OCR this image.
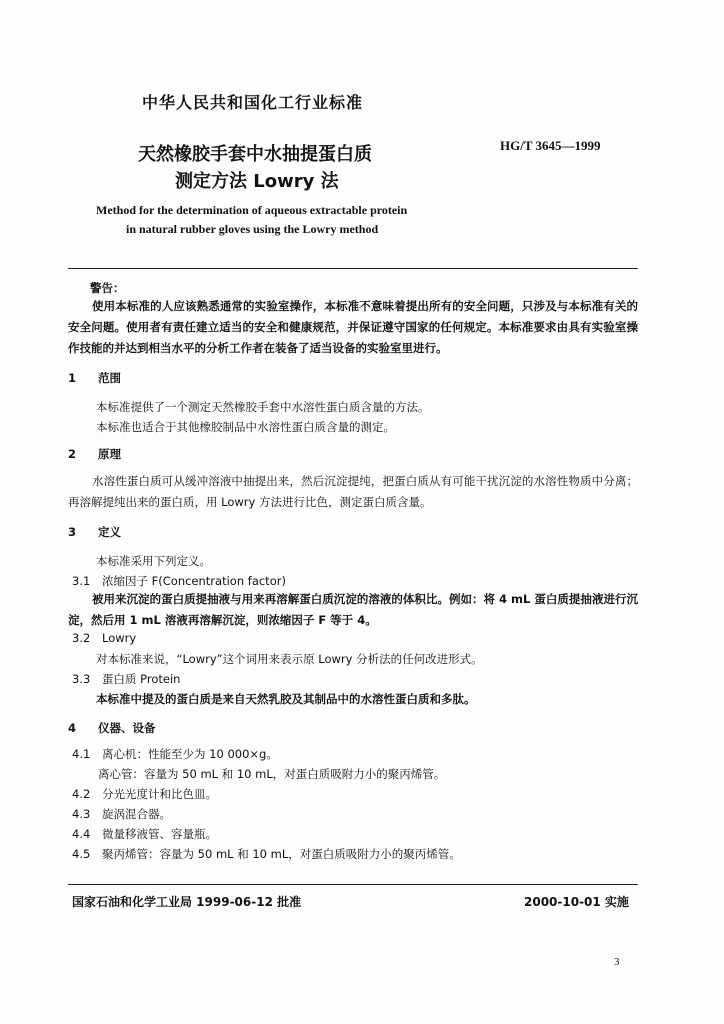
中华人民共和国化工行业标准
HG/T 3645—1999
天然橡胶手套中水抽提蛋白质
测定方法 Lowry 法
Method for the determination of aqueous extractable protein
in natural rubber gloves using the Lowry method
警告：
使用本标准的人应该熟悉通常的实验室操作，本标准不意味着提出所有的安全问题，只涉及与本标准有关的安全问题。使用者有责任建立适当的安全和健康规范，并保证遵守国家的任何规定。本标准要求由具有实验室操作技能的并达到相当水平的分析工作者在装备了适当设备的实验室里进行。
1 范围
本标准提供了一个测定天然橡胶手套中水溶性蛋白质含量的方法。
本标准也适合于其他橡胶制品中水溶性蛋白质含量的测定。
2 原理
水溶性蛋白质可从缓冲溶液中抽提出来，然后沉淀提纯，把蛋白质从有可能干扰沉淀的水溶性物质中分离；再溶解提纯出来的蛋白质，用 Lowry 方法进行比色，测定蛋白质含量。
3 定义
本标准采用下列定义。
3.1 浓缩因子 F(Concentration factor)
被用来沉淀的蛋白质提抽液与用来再溶解蛋白质沉淀的溶液的体积比。例如：将 4 mL 蛋白质提抽液进行沉淀，然后用 1 mL 溶液再溶解沉淀，则浓缩因子 F 等于 4。
3.2 Lowry
对本标准来说，“Lowry”这个词用来表示原 Lowry 分析法的任何改进形式。
3.3 蛋白质 Protein
本标准中提及的蛋白质是来自天然乳胶及其制品中的水溶性蛋白质和多肽。
4 仪器、设备
4.1 离心机：性能至少为 10 000×g。
离心管：容量为 50 mL 和 10 mL，对蛋白质吸附力小的聚丙烯管。
4.2 分光光度计和比色皿。
4.3 旋涡混合器。
4.4 微量移液管、容量瓶。
4.5 聚丙烯管：容量为 50 mL 和 10 mL，对蛋白质吸附力小的聚丙烯管。
国家石油和化学工业局 1999-06-12 批准	2000-10-01 实施
3
